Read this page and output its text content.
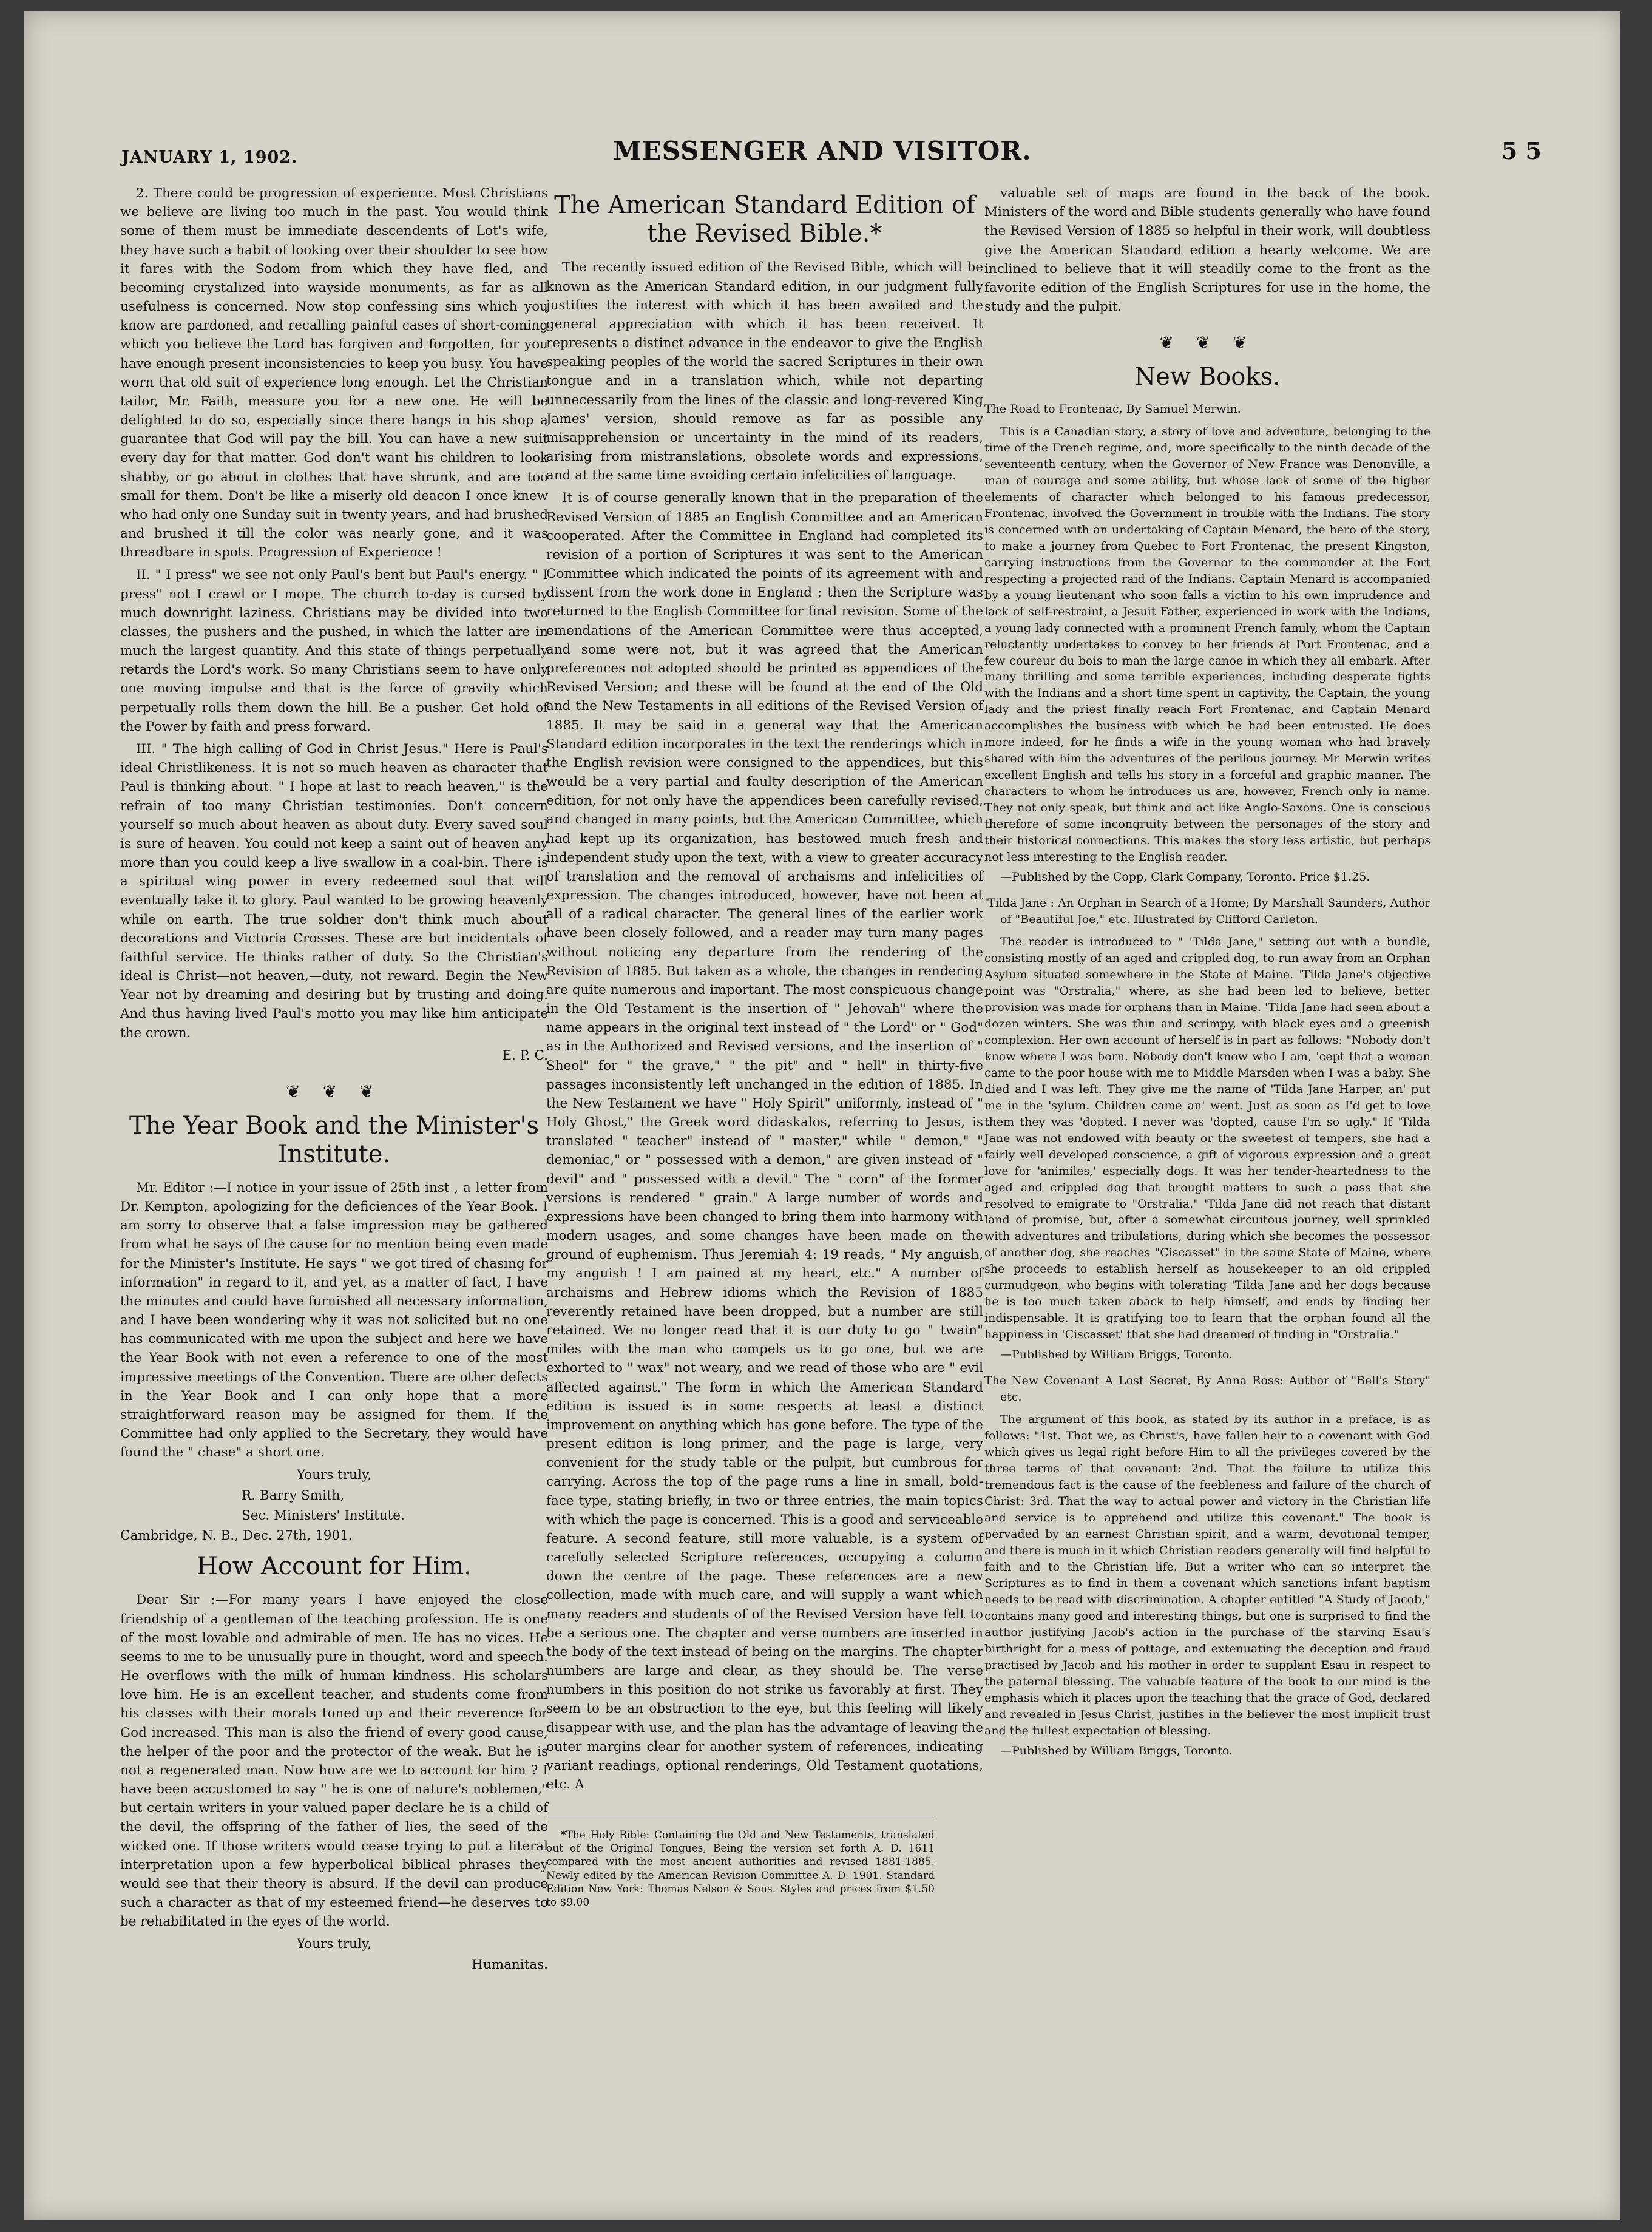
JANUARY 1, 1902.	MESSENGER AND VISITOR.	5 5

2. There could be progression of experience. Most Christians we believe are living too much in the past. You would think some of them must be immediate descendents of Lot's wife, they have such a habit of looking over their shoulder to see how it fares with the Sodom from which they have fled, and becoming crystalized into wayside monuments, as far as all usefulness is concerned. Now stop confessing sins which you know are pardoned, and recalling painful cases of short-coming which you believe the Lord has forgiven and forgotten, for you have enough present inconsistencies to keep you busy. You have worn that old suit of experience long enough. Let the Christian tailor, Mr. Faith, measure you for a new one. He will be delighted to do so, especially since there hangs in his shop a guarantee that God will pay the bill. You can have a new suit every day for that matter. God don't want his children to look shabby, or go about in clothes that have shrunk, and are too small for them. Don't be like a miserly old deacon I once knew who had only one Sunday suit in twenty years, and had brushed and brushed it till the color was nearly gone, and it was threadbare in spots. Progression of Experience !

II. " I press" we see not only Paul's bent but Paul's energy. " I press" not I crawl or I mope. The church to-day is cursed by much downright laziness. Christians may be divided into two classes, the pushers and the pushed, in which the latter are in much the largest quantity. And this state of things perpetually retards the Lord's work. So many Christians seem to have only one moving impulse and that is the force of gravity which perpetually rolls them down the hill. Be a pusher. Get hold of the Power by faith and press forward.

III. " The high calling of God in Christ Jesus." Here is Paul's ideal Christlikeness. It is not so much heaven as character that Paul is thinking about. " I hope at last to reach heaven," is the refrain of too many Christian testimonies. Don't concern yourself so much about heaven as about duty. Every saved soul is sure of heaven. You could not keep a saint out of heaven any more than you could keep a live swallow in a coal-bin. There is a spiritual wing power in every redeemed soul that will eventually take it to glory. Paul wanted to be growing heavenly while on earth. The true soldier don't think much about decorations and Victoria Crosses. These are but incidentals of faithful service. He thinks rather of duty. So the Christian's ideal is Christ—not heaven,—duty, not reward. Begin the New Year not by dreaming and desiring but by trusting and doing. And thus having lived Paul's motto you may like him anticipate the crown.

E. P. C.

❦ ❦ ❦
The Year Book and the Minister's Institute.

Mr. Editor :—I notice in your issue of 25th inst , a letter from Dr. Kempton, apologizing for the deficiences of the Year Book. I am sorry to observe that a false impression may be gathered from what he says of the cause for no mention being even made for the Minister's Institute. He says " we got tired of chasing for information" in regard to it, and yet, as a matter of fact, I have the minutes and could have furnished all necessary information, and I have been wondering why it was not solicited but no one has communicated with me upon the subject and here we have the Year Book with not even a reference to one of the most impressive meetings of the Convention. There are other defects in the Year Book and I can only hope that a more straightforward reason may be assigned for them. If the Committee had only applied to the Secretary, they would have found the " chase" a short one.

Yours truly,

R. Barry Smith,

Sec. Ministers' Institute.

Cambridge, N. B., Dec. 27th, 1901.

How Account for Him.

Dear Sir :—For many years I have enjoyed the close friendship of a gentleman of the teaching profession. He is one of the most lovable and admirable of men. He has no vices. He seems to me to be unusually pure in thought, word and speech. He overflows with the milk of human kindness. His scholars love him. He is an excellent teacher, and students come from his classes with their morals toned up and their reverence for God increased. This man is also the friend of every good cause, the helper of the poor and the protector of the weak. But he is not a regenerated man. Now how are we to account for him ? I have been accustomed to say " he is one of nature's noblemen," but certain writers in your valued paper declare he is a child of the devil, the offspring of the father of lies, the seed of the wicked one. If those writers would cease trying to put a literal interpretation upon a few hyperbolical biblical phrases they would see that their theory is absurd. If the devil can produce such a character as that of my esteemed friend—he deserves to be rehabilitated in the eyes of the world.

Yours truly,

Humanitas.

The American Standard Edition of the Revised Bible.*

The recently issued edition of the Revised Bible, which will be known as the American Standard edition, in our judgment fully justifies the interest with which it has been awaited and the general appreciation with which it has been received. It represents a distinct advance in the endeavor to give the English speaking peoples of the world the sacred Scriptures in their own tongue and in a translation which, while not departing unnecessarily from the lines of the classic and long-revered King James' version, should remove as far as possible any misapprehension or uncertainty in the mind of its readers, arising from mistranslations, obsolete words and expressions, and at the same time avoiding certain infelicities of language.

It is of course generally known that in the preparation of the Revised Version of 1885 an English Committee and an American cooperated. After the Committee in England had completed its revision of a portion of Scriptures it was sent to the American Committee which indicated the points of its agreement with and dissent from the work done in England ; then the Scripture was returned to the English Committee for final revision. Some of the emendations of the American Committee were thus accepted, and some were not, but it was agreed that the American preferences not adopted should be printed as appendices of the Revised Version; and these will be found at the end of the Old and the New Testaments in all editions of the Revised Version of 1885. It may be said in a general way that the American Standard edition incorporates in the text the renderings which in the English revision were consigned to the appendices, but this would be a very partial and faulty description of the American edition, for not only have the appendices been carefully revised, and changed in many points, but the American Committee, which had kept up its organization, has bestowed much fresh and independent study upon the text, with a view to greater accuracy of translation and the removal of archaisms and infelicities of expression. The changes introduced, however, have not been at all of a radical character. The general lines of the earlier work have been closely followed, and a reader may turn many pages without noticing any departure from the rendering of the Revision of 1885. But taken as a whole, the changes in rendering are quite numerous and important. The most conspicuous change in the Old Testament is the insertion of " Jehovah" where the name appears in the original text instead of " the Lord" or " God" as in the Authorized and Revised versions, and the insertion of " Sheol" for " the grave," " the pit" and " hell" in thirty-five passages inconsistently left unchanged in the edition of 1885. In the New Testament we have " Holy Spirit" uniformly, instead of " Holy Ghost," the Greek word didaskalos, referring to Jesus, is translated " teacher" instead of " master," while " demon," " demoniac," or " possessed with a demon," are given instead of " devil" and " possessed with a devil." The " corn" of the former versions is rendered " grain." A large number of words and expressions have been changed to bring them into harmony with modern usages, and some changes have been made on the ground of euphemism. Thus Jeremiah 4: 19 reads, " My anguish, my anguish ! I am pained at my heart, etc." A number of archaisms and Hebrew idioms which the Revision of 1885 reverently retained have been dropped, but a number are still retained. We no longer read that it is our duty to go " twain" miles with the man who compels us to go one, but we are exhorted to " wax" not weary, and we read of those who are " evil affected against." The form in which the American Standard edition is issued is in some respects at least a distinct improvement on anything which has gone before. The type of the present edition is long primer, and the page is large, very convenient for the study table or the pulpit, but cumbrous for carrying. Across the top of the page runs a line in small, bold-face type, stating briefly, in two or three entries, the main topics with which the page is concerned. This is a good and serviceable feature. A second feature, still more valuable, is a system of carefully selected Scripture references, occupying a column down the centre of the page. These references are a new collection, made with much care, and will supply a want which many readers and students of of the Revised Version have felt to be a serious one. The chapter and verse numbers are inserted in the body of the text instead of being on the margins. The chapter numbers are large and clear, as they should be. The verse numbers in this position do not strike us favorably at first. They seem to be an obstruction to the eye, but this feeling will likely disappear with use, and the plan has the advantage of leaving the outer margins clear for another system of references, indicating variant readings, optional renderings, Old Testament quotations, etc. A

*The Holy Bible: Containing the Old and New Testaments, translated out of the Original Tongues, Being the version set forth A. D. 1611 compared with the most ancient authorities and revised 1881-1885. Newly edited by the American Revision Committee A. D. 1901. Standard Edition New York: Thomas Nelson & Sons. Styles and prices from $1.50 to $9.00

valuable set of maps are found in the back of the book. Ministers of the word and Bible students generally who have found the Revised Version of 1885 so helpful in their work, will doubtless give the American Standard edition a hearty welcome. We are inclined to believe that it will steadily come to the front as the favorite edition of the English Scriptures for use in the home, the study and the pulpit.

❦ ❦ ❦
New Books.

The Road to Frontenac, By Samuel Merwin.

This is a Canadian story, a story of love and adventure, belonging to the time of the French regime, and, more specifically to the ninth decade of the seventeenth century, when the Governor of New France was Denonville, a man of courage and some ability, but whose lack of some of the higher elements of character which belonged to his famous predecessor, Frontenac, involved the Government in trouble with the Indians. The story is concerned with an undertaking of Captain Menard, the hero of the story, to make a journey from Quebec to Fort Frontenac, the present Kingston, carrying instructions from the Governor to the commander at the Fort respecting a projected raid of the Indians. Captain Menard is accompanied by a young lieutenant who soon falls a victim to his own imprudence and lack of self-restraint, a Jesuit Father, experienced in work with the Indians, a young lady connected with a prominent French family, whom the Captain reluctantly undertakes to convey to her friends at Port Frontenac, and a few coureur du bois to man the large canoe in which they all embark. After many thrilling and some terrible experiences, including desperate fights with the Indians and a short time spent in captivity, the Captain, the young lady and the priest finally reach Fort Frontenac, and Captain Menard accomplishes the business with which he had been entrusted. He does more indeed, for he finds a wife in the young woman who had bravely shared with him the adventures of the perilous journey. Mr Merwin writes excellent English and tells his story in a forceful and graphic manner. The characters to whom he introduces us are, however, French only in name. They not only speak, but think and act like Anglo-Saxons. One is conscious therefore of some incongruity between the personages of the story and their historical connections. This makes the story less artistic, but perhaps not less interesting to the English reader.

—Published by the Copp, Clark Company, Toronto. Price $1.25.

'Tilda Jane : An Orphan in Search of a Home; By Marshall Saunders, Author of "Beautiful Joe," etc. Illustrated by Clifford Carleton.

The reader is introduced to " 'Tilda Jane," setting out with a bundle, consisting mostly of an aged and crippled dog, to run away from an Orphan Asylum situated somewhere in the State of Maine. 'Tilda Jane's objective point was "Orstralia," where, as she had been led to believe, better provision was made for orphans than in Maine. 'Tilda Jane had seen about a dozen winters. She was thin and scrimpy, with black eyes and a greenish complexion. Her own account of herself is in part as follows: "Nobody don't know where I was born. Nobody don't know who I am, 'cept that a woman came to the poor house with me to Middle Marsden when I was a baby. She died and I was left. They give me the name of 'Tilda Jane Harper, an' put me in the 'sylum. Children came an' went. Just as soon as I'd get to love them they was 'dopted. I never was 'dopted, cause I'm so ugly." If 'Tilda Jane was not endowed with beauty or the sweetest of tempers, she had a fairly well developed conscience, a gift of vigorous expression and a great love for 'animiles,' especially dogs. It was her tender-heartedness to the aged and crippled dog that brought matters to such a pass that she resolved to emigrate to "Orstralia." 'Tilda Jane did not reach that distant land of promise, but, after a somewhat circuitous journey, well sprinkled with adventures and tribulations, during which she becomes the possessor of another dog, she reaches "Ciscasset" in the same State of Maine, where she proceeds to establish herself as housekeeper to an old crippled curmudgeon, who begins with tolerating 'Tilda Jane and her dogs because he is too much taken aback to help himself, and ends by finding her indispensable. It is gratifying too to learn that the orphan found all the happiness in 'Ciscasset' that she had dreamed of finding in "Orstralia."

—Published by William Briggs, Toronto.

The New Covenant A Lost Secret, By Anna Ross: Author of "Bell's Story" etc.

The argument of this book, as stated by its author in a preface, is as follows: "1st. That we, as Christ's, have fallen heir to a covenant with God which gives us legal right before Him to all the privileges covered by the three terms of that covenant: 2nd. That the failure to utilize this tremendous fact is the cause of the feebleness and failure of the church of Christ: 3rd. That the way to actual power and victory in the Christian life and service is to apprehend and utilize this covenant." The book is pervaded by an earnest Christian spirit, and a warm, devotional temper, and there is much in it which Christian readers generally will find helpful to faith and to the Christian life. But a writer who can so interpret the Scriptures as to find in them a covenant which sanctions infant baptism needs to be read with discrimination. A chapter entitled "A Study of Jacob," contains many good and interesting things, but one is surprised to find the author justifying Jacob's action in the purchase of the starving Esau's birthright for a mess of pottage, and extenuating the deception and fraud practised by Jacob and his mother in order to supplant Esau in respect to the paternal blessing. The valuable feature of the book to our mind is the emphasis which it places upon the teaching that the grace of God, declared and revealed in Jesus Christ, justifies in the believer the most implicit trust and the fullest expectation of blessing.

—Published by William Briggs, Toronto.
